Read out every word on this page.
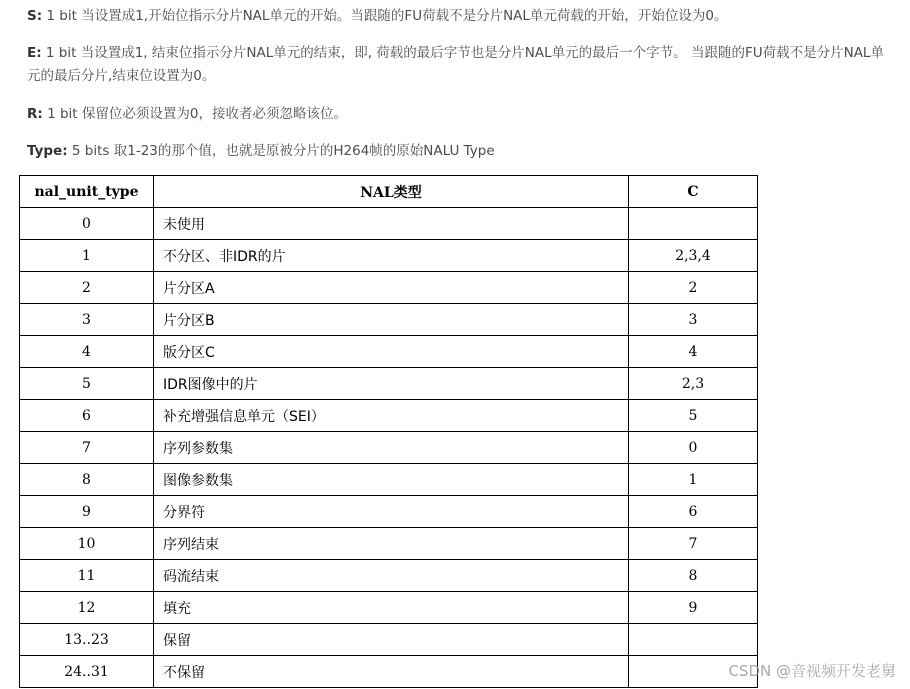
S: 1 bit 当设置成1,开始位指示分片NAL单元的开始。当跟随的FU荷载不是分片NAL单元荷载的开始，开始位设为0。

E: 1 bit 当设置成1, 结束位指示分片NAL单元的结束，即, 荷载的最后字节也是分片NAL单元的最后一个字节。 当跟随的FU荷载不是分片NAL单元的最后分片,结束位设置为0。

R: 1 bit 保留位必须设置为0，接收者必须忽略该位。

Type: 5 bits 取1-23的那个值，也就是原被分片的H264帧的原始NALU Type

nal_unit_type	NAL类型	C
0	未使用	
1	不分区、非IDR的片	2,3,4
2	片分区A	2
3	片分区B	3
4	版分区C	4
5	IDR图像中的片	2,3
6	补充增强信息单元（SEI）	5
7	序列参数集	0
8	图像参数集	1
9	分界符	6
10	序列结束	7
11	码流结束	8
12	填充	9
13..23	保留	
24..31	不保留		CSDN @音视频开发老舅
